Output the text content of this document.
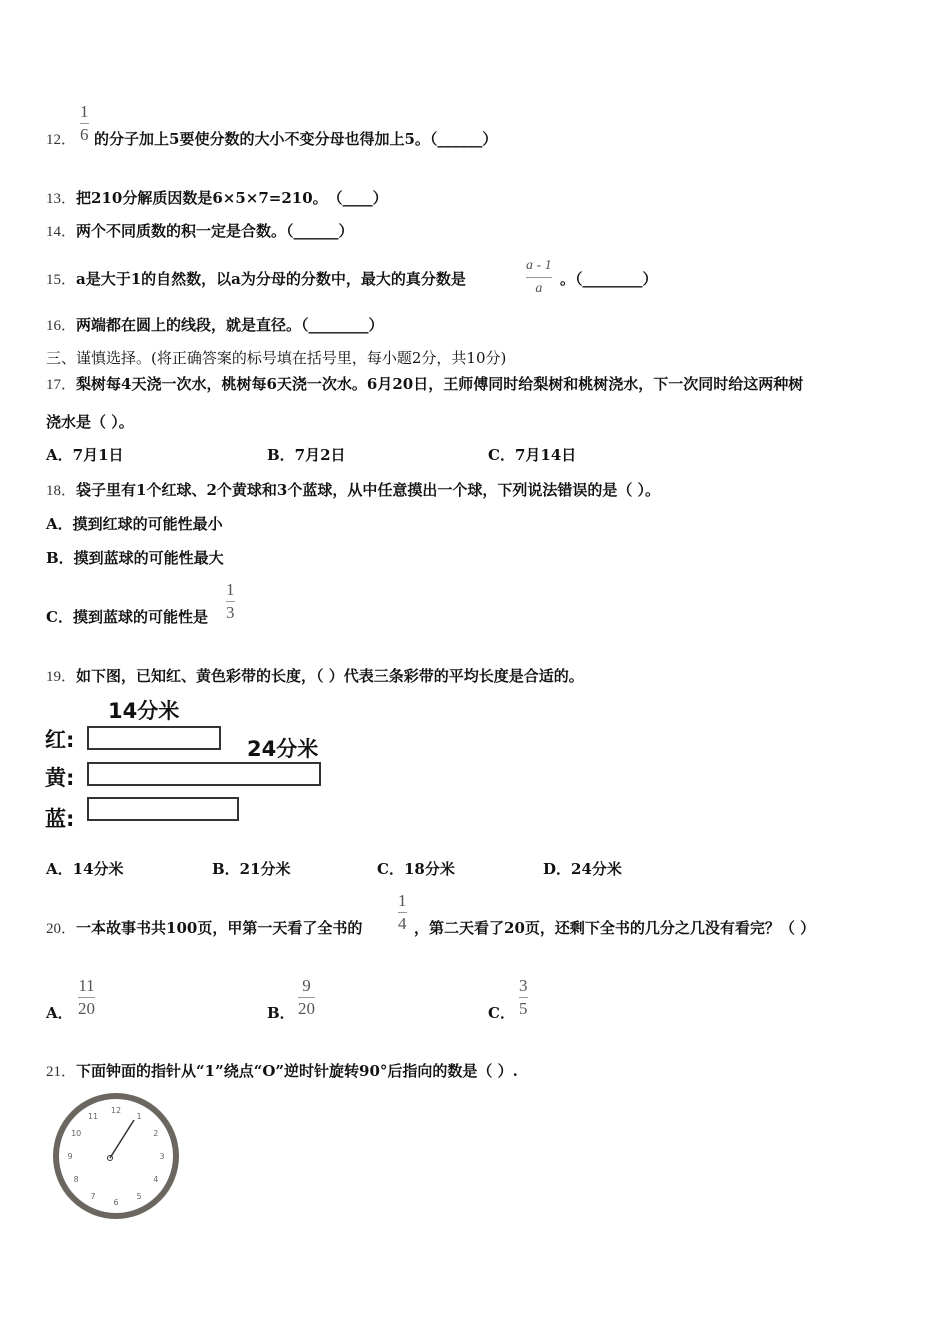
1
6
12． 的分子加上5要使分数的大小不变分母也得加上5。（______）
13．把210分解质因数是6×5×7=210。　（____）
14．两个不同质数的积一定是合数。（______）
15．a是大于1的自然数，以a为分母的分数中，最大的真分数是
a - 1
a
。（________）
16．两端都在圆上的线段，就是直径。（________）
三、谨慎选择。(将正确答案的标号填在括号里，每小题2分，共10分)
17．梨树每4天浇一次水，桃树每6天浇一次水。6月20日，王师傅同时给梨树和桃树浇水，下一次同时给这两种树
浇水是（ ）。
A．7月1日	B．7月2日	C．7月14日
18．袋子里有1个红球、2个黄球和3个蓝球，从中任意摸出一个球，下列说法错误的是（ ）。
A．摸到红球的可能性最小
B．摸到蓝球的可能性最大
C．摸到蓝球的可能性是
1
3
19．如下图，已知红、黄色彩带的长度，（ ）代表三条彩带的平均长度是合适的。
14分米
24分米
红:
黄:
蓝:
A．14分米	B．21分米	C．18分米	D．24分米
20．一本故事书共100页，甲第一天看了全书的
1
4 ，第二天看了20页，还剩下全书的几分之几没有看完？（ ）
A．
11
20	B．
9
20	C．
3
5
21．下面钟面的指针从“1”绕点“O”逆时针旋转90°后指向的数是（ ）.
12
1
2
3
4
5
6
7
8
9
10
11
